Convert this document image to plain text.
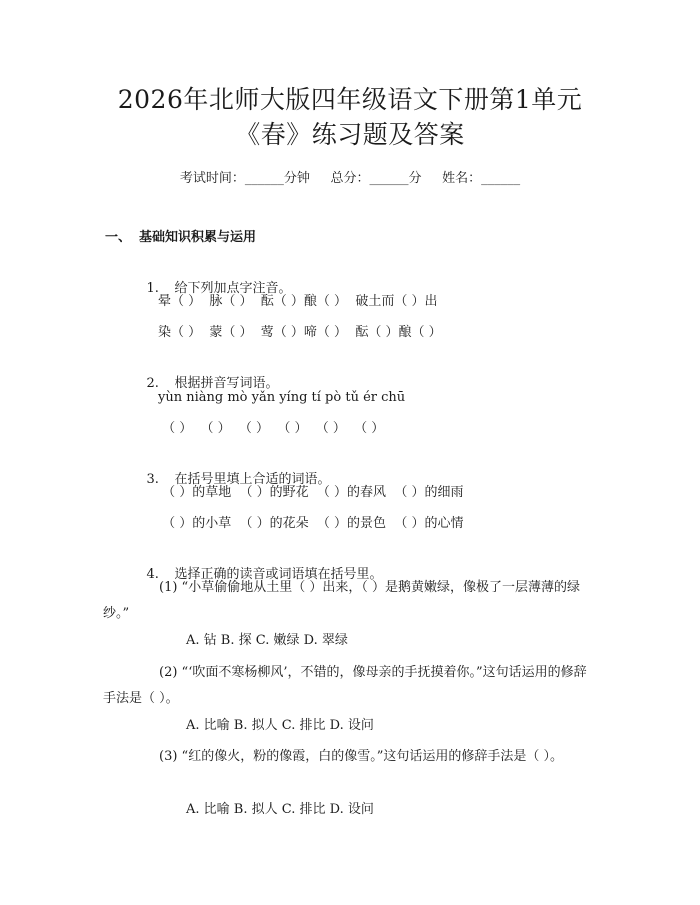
2026年北师大版四年级语文下册第1单元
《春》练习题及答案
考试时间：______分钟     总分：______分     姓名：______
一、 基础知识积累与运用

1. 给下列加点字注音。

晕（ ）  脉（ ）  酝（ ）酿（ ）  破土而（ ）出
染（ ）  蒙（ ）  莺（ ）啼（ ）  酝（ ）酿（ ）

2. 根据拼音写词语。

yùn niàng mò yǎn yíng tí pò tǔ ér chū
（ ）  （ ）  （ ）  （ ）  （ ）  （ ）

3. 在括号里填上合适的词语。

（ ）的草地  （ ）的野花  （ ）的春风  （ ）的细雨
（ ）的小草  （ ）的花朵  （ ）的景色  （ ）的心情

4. 选择正确的读音或词语填在括号里。

(1) “小草偷偷地从土里（ ）出来，（ ）是鹅黄嫩绿，像极了一层薄薄的绿纱。”
A. 钻 B. 探 C. 嫩绿 D. 翠绿
(2) “‘吹面不寒杨柳风’，不错的，像母亲的手抚摸着你。”这句话运用的修辞手法是（ ）。
A. 比喻 B. 拟人 C. 排比 D. 设问
(3) “红的像火，粉的像霞，白的像雪。”这句话运用的修辞手法是（ ）。
A. 比喻 B. 拟人 C. 排比 D. 设问
